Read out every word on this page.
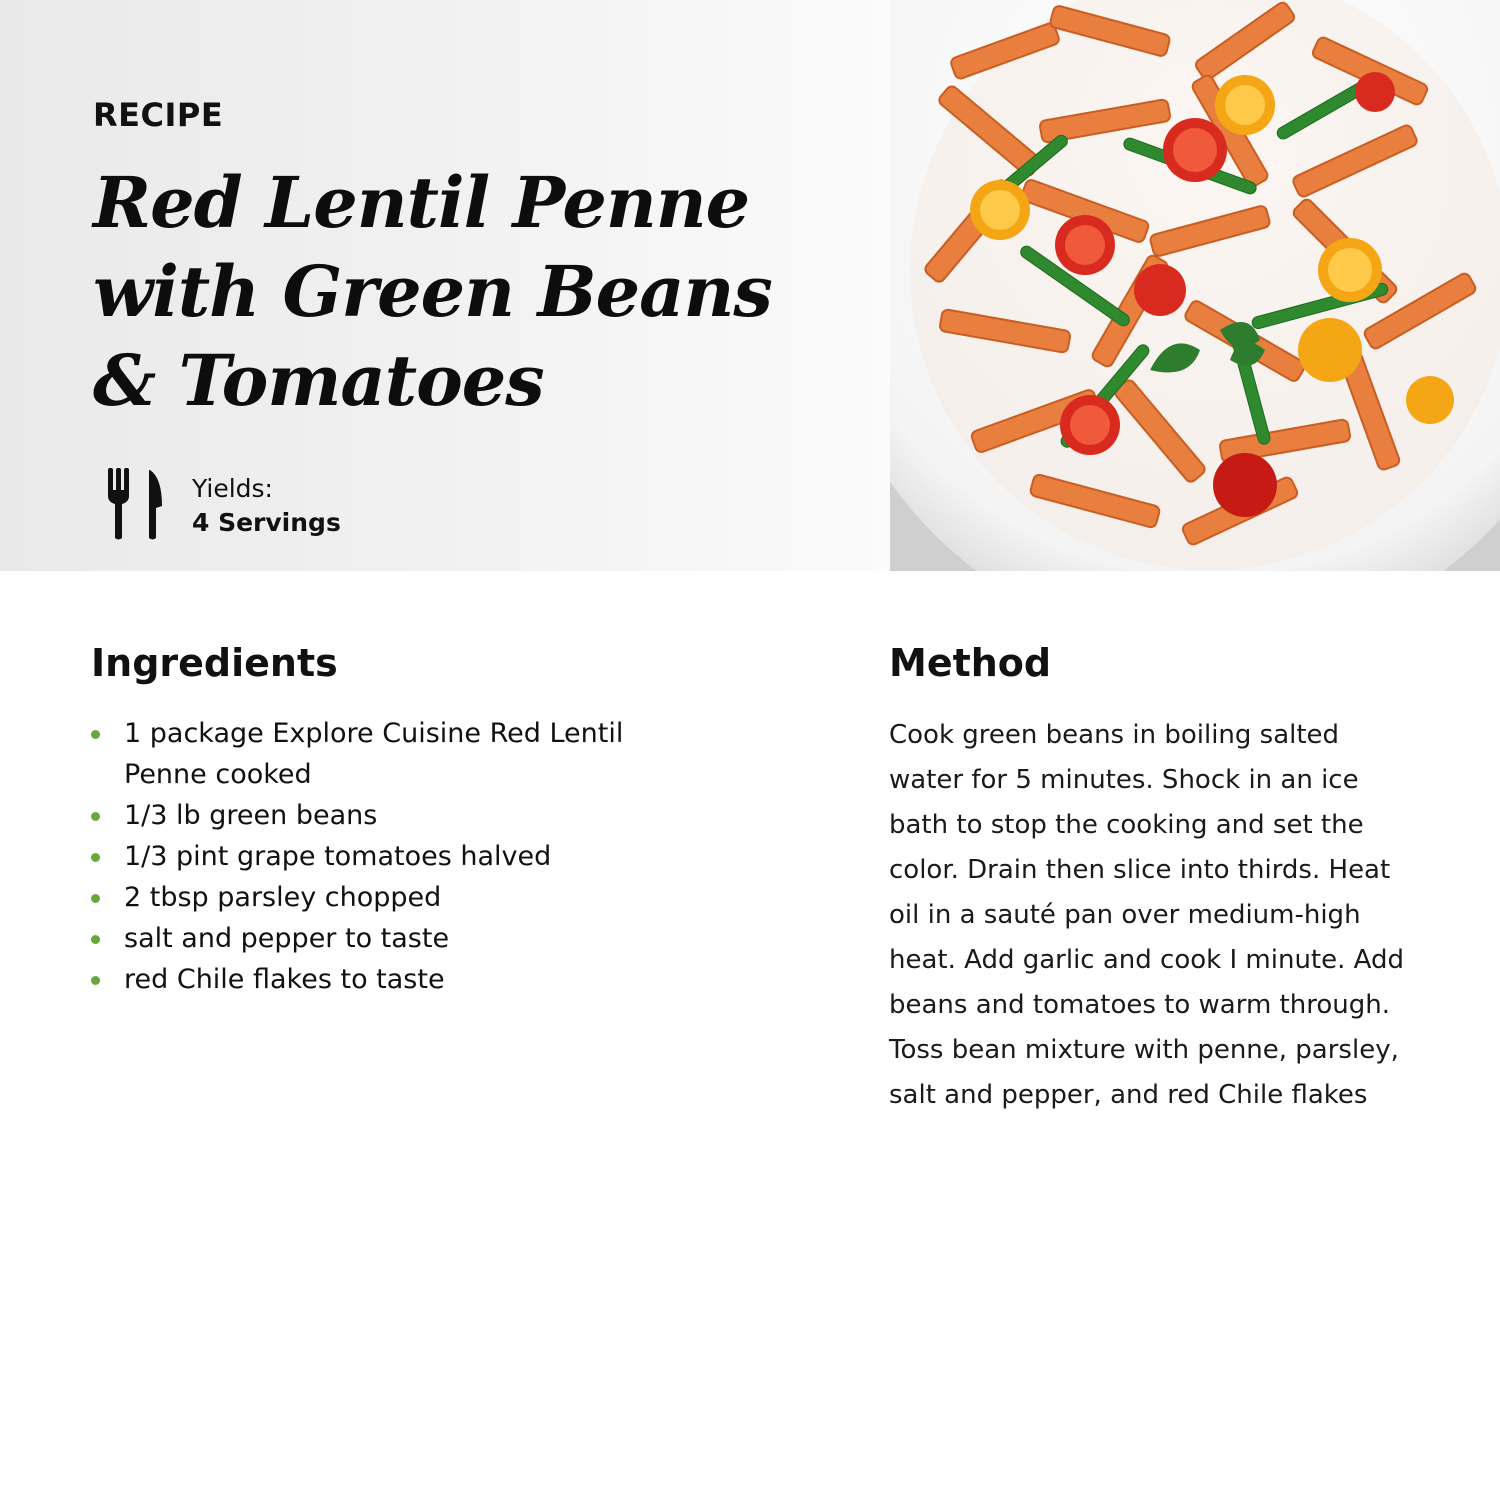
RECIPE

Red Lentil Penne with Green Beans & Tomatoes
Yields:
4 Servings
Ingredients
1 package Explore Cuisine Red Lentil Penne cooked
1/3 lb green beans
1/3 pint grape tomatoes halved
2 tbsp parsley chopped
salt and pepper to taste
red Chile flakes to taste
Method

Cook green beans in boiling salted water for 5 minutes. Shock in an ice bath to stop the cooking and set the color. Drain then slice into thirds. Heat oil in a sauté pan over medium-high heat. Add garlic and cook I minute. Add beans and tomatoes to warm through. Toss bean mixture with penne, parsley, salt and pepper, and red Chile flakes
